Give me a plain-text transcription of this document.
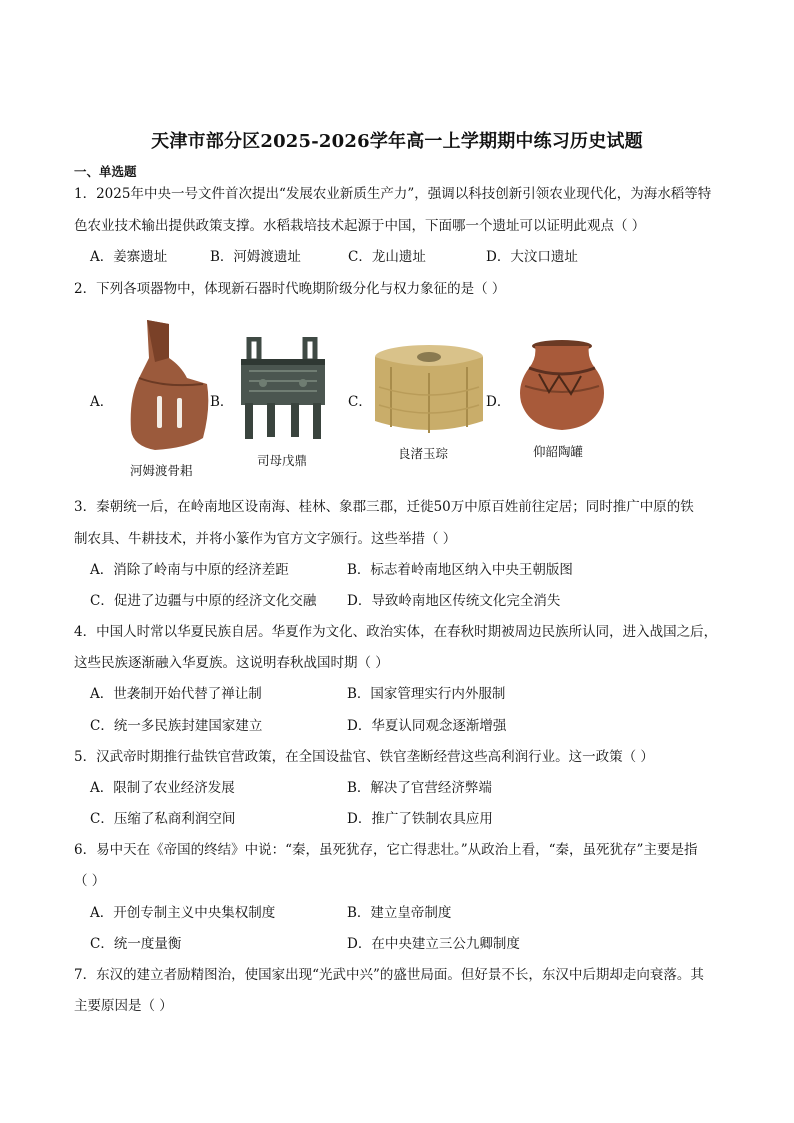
天津市部分区2025-2026学年高一上学期期中练习历史试题
一、单选题
1．2025年中央一号文件首次提出“发展农业新质生产力”，强调以科技创新引领农业现代化，为海水稻等特
色农业技术输出提供政策支撑。水稻栽培技术起源于中国，下面哪一个遗址可以证明此观点（ ）
A．姜寨遗址	B．河姆渡遗址	C．龙山遗址	D．大汶口遗址
2．下列各项器物中，体现新石器时代晚期阶级分化与权力象征的是（ ）
A．
河姆渡骨耜
B．
司母戊鼎
C．
良渚玉琮
D．
仰韶陶罐
3．秦朝统一后，在岭南地区设南海、桂林、象郡三郡，迁徙50万中原百姓前往定居；同时推广中原的铁
制农具、牛耕技术，并将小篆作为官方文字颁行。这些举措（ ）
A．消除了岭南与中原的经济差距	B．标志着岭南地区纳入中央王朝版图
C．促进了边疆与中原的经济文化交融 D．导致岭南地区传统文化完全消失
4．中国人时常以华夏民族自居。华夏作为文化、政治实体，在春秋时期被周边民族所认同，进入战国之后，
这些民族逐渐融入华夏族。这说明春秋战国时期（ ）
A．世袭制开始代替了禅让制	B．国家管理实行内外服制
C．统一多民族封建国家建立	D．华夏认同观念逐渐增强
5．汉武帝时期推行盐铁官营政策，在全国设盐官、铁官垄断经营这些高利润行业。这一政策（ ）
A．限制了农业经济发展	B．解决了官营经济弊端
C．压缩了私商利润空间	D．推广了铁制农具应用
6．易中天在《帝国的终结》中说：“秦，虽死犹存，它亡得悲壮。”从政治上看，“秦，虽死犹存”主要是指
（ ）
A．开创专制主义中央集权制度	B．建立皇帝制度
C．统一度量衡	D．在中央建立三公九卿制度
7．东汉的建立者励精图治，使国家出现“光武中兴”的盛世局面。但好景不长，东汉中后期却走向衰落。其
主要原因是（ ）
